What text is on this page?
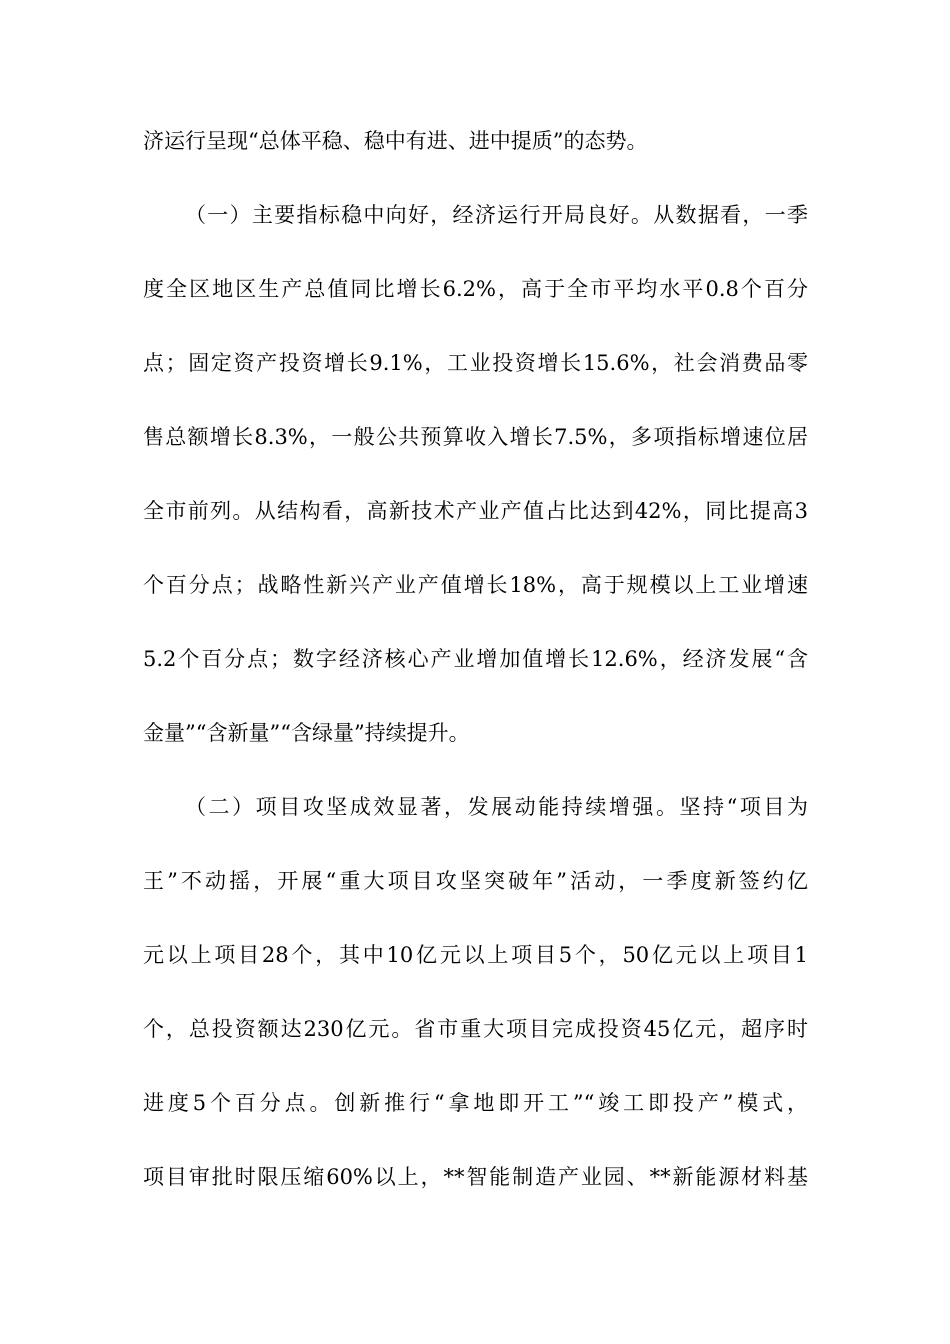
济运行呈现“总体平稳、稳中有进、进中提质”的态势。
（一）主要指标稳中向好，经济运行开局良好。从数据看，一季
度全区地区生产总值同比增长6.2%，高于全市平均水平0.8个百分
点；固定资产投资增长9.1%，工业投资增长15.6%，社会消费品零
售总额增长8.3%，一般公共预算收入增长7.5%，多项指标增速位居
全市前列。从结构看，高新技术产业产值占比达到42%，同比提高3
个百分点；战略性新兴产业产值增长18%，高于规模以上工业增速
5.2个百分点；数字经济核心产业增加值增长12.6%，经济发展“含
金量”“含新量”“含绿量”持续提升。
（二）项目攻坚成效显著，发展动能持续增强。坚持“项目为
王”不动摇，开展“重大项目攻坚突破年”活动，一季度新签约亿
元以上项目28个，其中10亿元以上项目5个，50亿元以上项目1
个，总投资额达230亿元。省市重大项目完成投资45亿元，超序时
进度5个百分点。创新推行“拿地即开工”“竣工即投产”模式，
项目审批时限压缩60%以上，**智能制造产业园、**新能源材料基
